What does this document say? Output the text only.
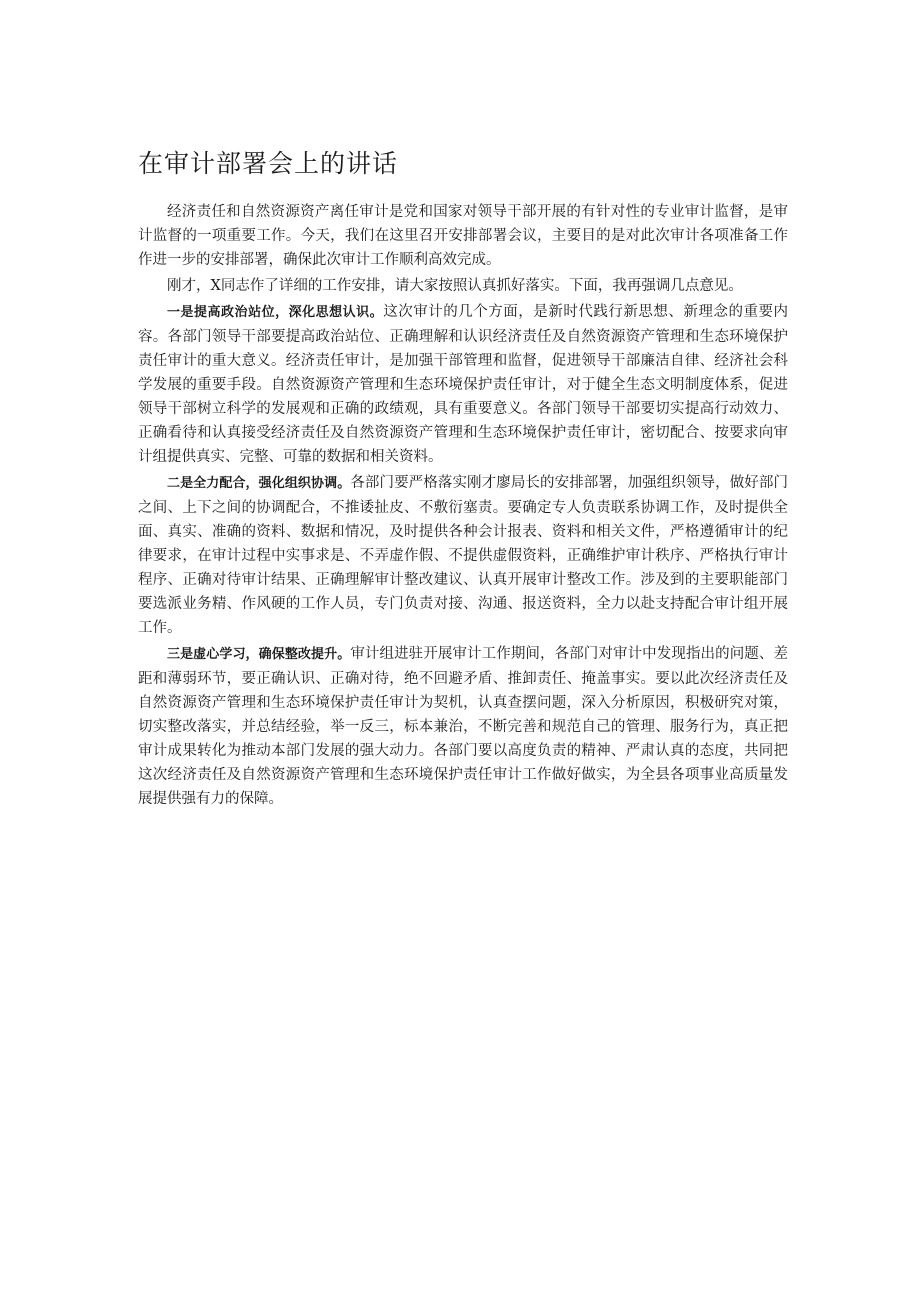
在审计部署会上的讲话

经济责任和自然资源资产离任审计是党和国家对领导干部开展的有针对性的专业审计监督，是审计监督的一项重要工作。今天，我们在这里召开安排部署会议，主要目的是对此次审计各项准备工作作进一步的安排部署，确保此次审计工作顺利高效完成。

刚才，X同志作了详细的工作安排，请大家按照认真抓好落实。下面，我再强调几点意见。

一是提高政治站位，深化思想认识。这次审计的几个方面，是新时代践行新思想、新理念的重要内容。各部门领导干部要提高政治站位、正确理解和认识经济责任及自然资源资产管理和生态环境保护责任审计的重大意义。经济责任审计，是加强干部管理和监督，促进领导干部廉洁自律、经济社会科学发展的重要手段。自然资源资产管理和生态环境保护责任审计，对于健全生态文明制度体系，促进领导干部树立科学的发展观和正确的政绩观，具有重要意义。各部门领导干部要切实提高行动效力、正确看待和认真接受经济责任及自然资源资产管理和生态环境保护责任审计，密切配合、按要求向审计组提供真实、完整、可靠的数据和相关资料。

二是全力配合，强化组织协调。各部门要严格落实刚才廖局长的安排部署，加强组织领导，做好部门之间、上下之间的协调配合，不推诿扯皮、不敷衍塞责。要确定专人负责联系协调工作，及时提供全面、真实、准确的资料、数据和情况，及时提供各种会计报表、资料和相关文件，严格遵循审计的纪律要求，在审计过程中实事求是、不弄虚作假、不提供虚假资料，正确维护审计秩序、严格执行审计程序、正确对待审计结果、正确理解审计整改建议、认真开展审计整改工作。涉及到的主要职能部门要选派业务精、作风硬的工作人员，专门负责对接、沟通、报送资料，全力以赴支持配合审计组开展工作。

三是虚心学习，确保整改提升。审计组进驻开展审计工作期间，各部门对审计中发现指出的问题、差距和薄弱环节，要正确认识、正确对待，绝不回避矛盾、推卸责任、掩盖事实。要以此次经济责任及自然资源资产管理和生态环境保护责任审计为契机，认真查摆问题，深入分析原因，积极研究对策，切实整改落实，并总结经验，举一反三，标本兼治，不断完善和规范自己的管理、服务行为，真正把审计成果转化为推动本部门发展的强大动力。各部门要以高度负责的精神、严肃认真的态度，共同把这次经济责任及自然资源资产管理和生态环境保护责任审计工作做好做实，为全县各项事业高质量发展提供强有力的保障。
